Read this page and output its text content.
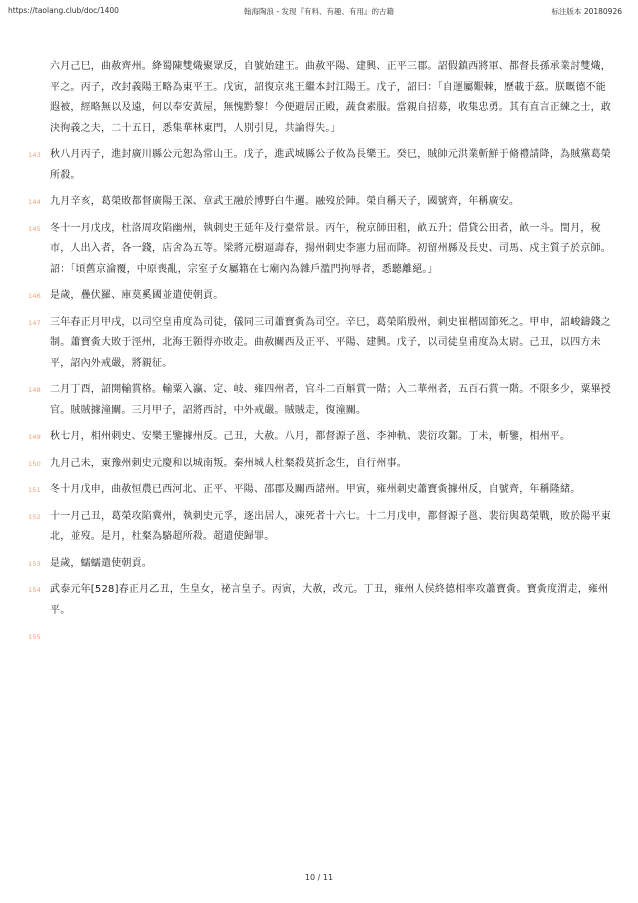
https://taolang.club/doc/1400	翰海陶浪 - 发现『有料、有趣、有用』的古籍	标注版本 20180926

六月己巳，曲赦齊州。絳蜀陳雙熾聚眾反，自號始建王。曲赦平陽、建興、正平三郡。詔假鎮西將軍、都督長孫承業討雙熾，平之。丙子，改封義陽王略為東平王。戊寅，詔復京兆王繼本封江陽王。戊子，詔曰：「自運屬艱棘，歷載于茲。朕嘅德不能遐被，經略無以及遠，何以奉安黃屋，無愧黔黎！今便避居正殿，蔬食素服。當親自招募，收集忠勇。其有直言正練之士，敢決徇義之夫，二十五日，悉集華林東門，人別引見，共論得失。」

143 秋八月丙子，進封廣川縣公元恕為常山王。戊子，進武城縣公子攸為長樂王。癸巳，賊帥元洪業斬鮮于脩禮請降，為賊黨葛榮所殺。

144 九月辛亥，葛榮敗都督廣陽王深、章武王融於博野白牛邏。融歿於陣。榮自稱天子，國號齊，年稱廣安。

145 冬十一月戊戌，杜洛周攻陷幽州，執刺史王延年及行臺常景。丙午，稅京師田租，畝五升；借貸公田者，畝一斗。閏月，稅市，人出入者，各一錢，店舍為五等。梁將元樹逼壽春，揚州刺史李憲力屈而降。初留州縣及長史、司馬、戍主質子於京師。詔：「頃舊京淪覆，中原喪亂，宗室子女屬籍在七廟內為雜戶濫門拘辱者，悉聽離絕。」

146 是歲，疊伏羅、庫莫奚國並遣使朝貢。

147 三年春正月甲戌，以司空皇甫度為司徒，儀同三司蕭寶夤為司空。辛巳，葛榮陷殷州，刺史崔楷固節死之。甲申，詔峻鑄錢之制。蕭寶夤大敗于涇州，北海王顥得亦敗走。曲赦關西及正平、平陽、建興。戊子，以司徒皇甫度為太尉。己丑，以四方未平，詔內外戒嚴，將親征。

148 二月丁酉，詔開輸賞格。輸粟入瀛、定、岐、雍四州者，官斗二百斛賞一階；入二華州者，五百石賞一階。不限多少，粟畢授官。賊賊據潼關。三月甲子，詔將西討，中外戒嚴。賊賊走，復潼關。

149 秋七月，相州刺史、安樂王鑒據州反。己丑，大赦。八月，都督源子邕、李神軌、裴衍攻鄴。丁未，斬鑒，相州平。

150 九月己未，東豫州刺史元慶和以城南叛。秦州城人杜粲殺莫折念生，自行州事。

151 冬十月戊申，曲赦恒農已西河北、正平、平陽、邵郡及關西諸州。甲寅，雍州刺史蕭寶夤據州反，自號齊，年稱隆緒。

152 十一月己丑，葛榮攻陷冀州，執刺史元孚，逐出居人，凍死者十六七。十二月戊申，都督源子邕、裴衍與葛榮戰，敗於陽平東北，並歿。是月，杜粲為駱超所殺。超遣使歸罪。

153 是歲，蠕蠕遣使朝貢。

154 武泰元年[528]春正月乙丑，生皇女，祕言皇子。丙寅，大赦，改元。丁丑，雍州人侯終德相率攻蕭寶夤。寶夤度渭走，雍州平。

155

10 / 11
